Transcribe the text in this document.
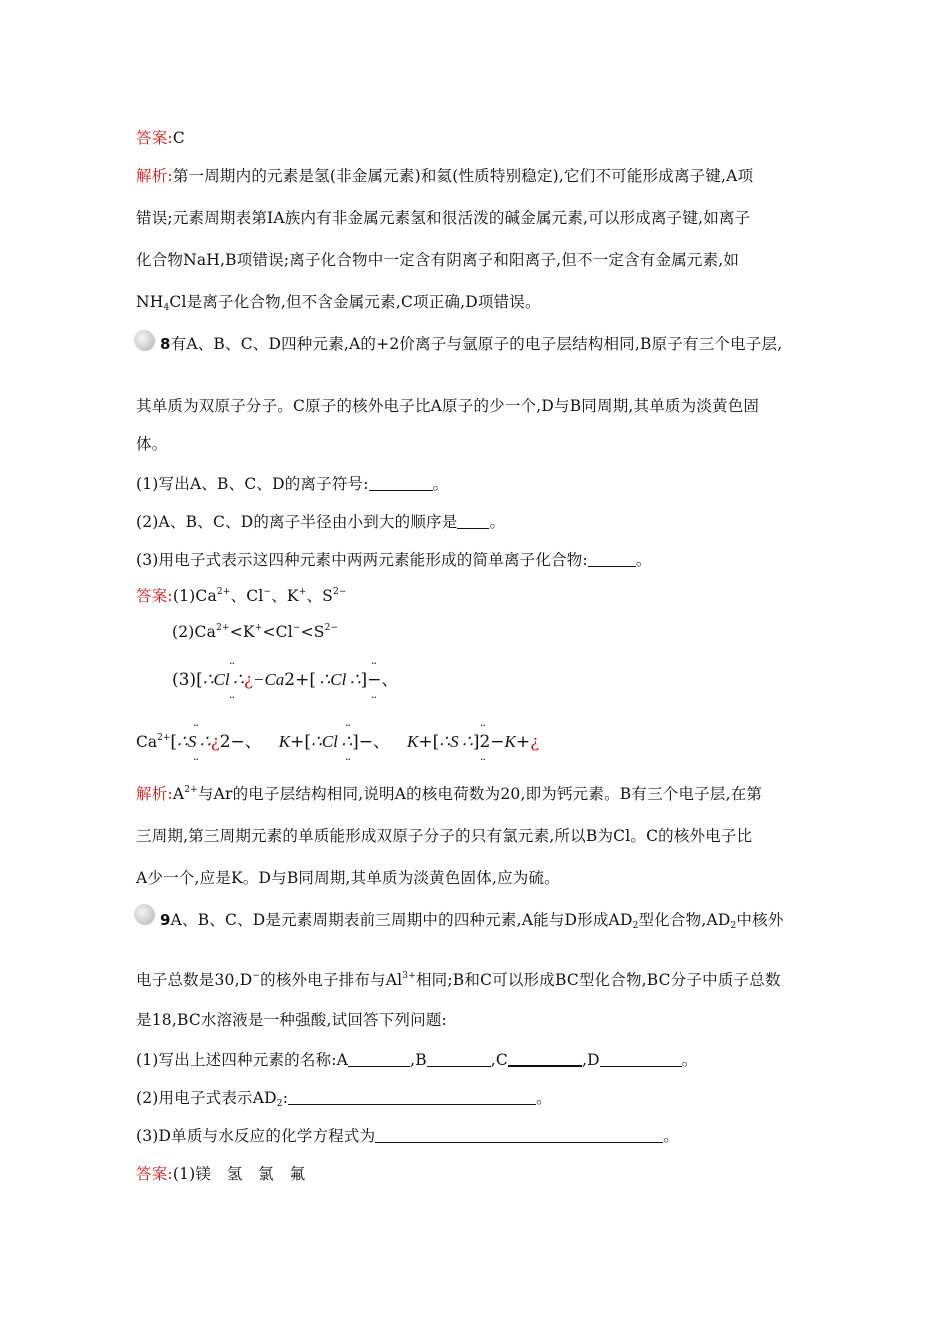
答案:C
解析:第一周期内的元素是氢(非金属元素)和氦(性质特别稳定),它们不可能形成离子键,A项
错误;元素周期表第ⅠA族内有非金属元素氢和很活泼的碱金属元素,可以形成离子键,如离子
化合物NaH,B项错误;离子化合物中一定含有阴离子和阳离子,但不一定含有金属元素,如
$NH_4Cl$是离子化合物,但不含金属元素,C项正确,D项错误。
8有A、B、C、D四种元素,A的+2价离子与氩原子的电子层结构相同,B原子有三个电子层,
其单质为双原子分子。C原子的核外电子比A原子的少一个,D与B同周期,其单质为淡黄色固
体。
(1)写出A、B、C、D的离子符号:	。
(2)A、B、C、D的离子半径由小到大的顺序是 。
(3)用电子式表示这四种元素中两两元素能形成的简单离子化合物:	。
答案$:(1)Ca^{2+}$、Cl−、K+、$S^{2-}$
$(2)Ca^{2+}<K^+<Cl^-<S^{2-}$
··
··
··
··
(3)[∴Cl  ∴¿−Ca2+[  ∴Cl  ∴]−、
··
··
··
··
··
··
$Ca^{2+}[\therefore S$  ∴¿2−、  K+[∴Cl  ∴]−、  K+[∴S  ∴]2−K+¿
解析$:A^{2+}$与Ar的电子层结构相同,说明A的核电荷数为20,即为钙元素。B有三个电子层,在第
三周期,第三周期元素的单质能形成双原子分子的只有氯元素,所以B为Cl。C的核外电子比
A少一个,应是K。D与B同周期,其单质为淡黄色固体,应为硫。
9A、B、C、D是元素周期表前三周期中的四种元素,A能与D形成$AD_2$型化合物$,AD_2$中核外
电子总数是30,D−的核外电子排布与$Al^{3+}$相同;B和C可以形成BC型化合物,BC分子中质子总数
是18,BC水溶液是一种强酸,试回答下列问题:
(1)写出上述四种元素的名称:A	,B	,C	,D	。
(2)用电子式表示$AD_2$:	。
(3)D单质与水反应的化学方程式为	。
答案:(1)镁　氢　氯　氟
